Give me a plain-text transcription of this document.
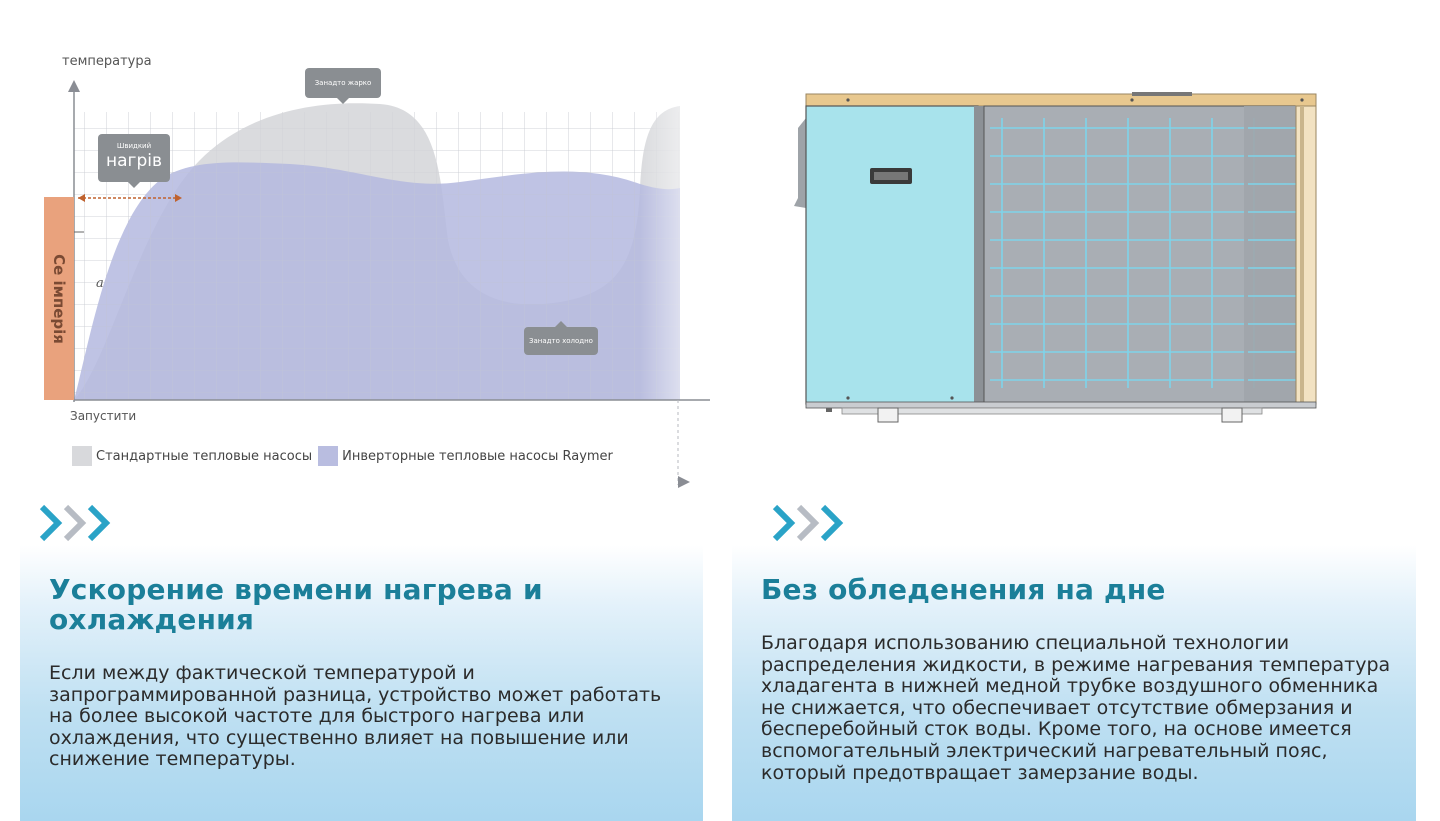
температура
Запустити
Се імперія а
Занадто жарко
Швидкий
нагрів
Занадто холодно
Стандартные тепловые насосы Инверторные тепловые насосы Raymer
Ускорение времени нагрева и охлаждения

Если между фактической температурой и запрограммированной разница, устройство может работать на более высокой частоте для быстрого нагрева или охлаждения, что существенно влияет на повышение или снижение температуры.

Без обледенения на дне

Благодаря использованию специальной технологии распределения жидкости, в режиме нагревания температура хладагента в нижней медной трубке воздушного обменника не снижается, что обеспечивает отсутствие обмерзания и бесперебойный сток воды. Кроме того, на основе имеется вспомогательный электрический нагревательный пояс, который предотвращает замерзание воды.
